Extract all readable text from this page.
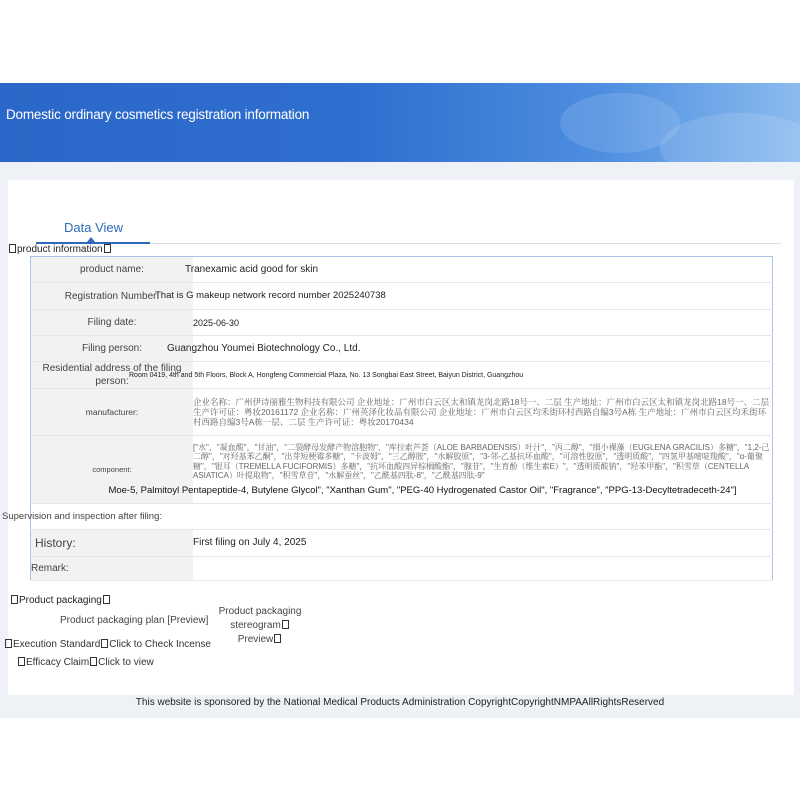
Domestic ordinary cosmetics registration information
Data View
product information
product name:	Tranexamic acid good for skin
Registration Number:	That is G makeup network record number 2025240738
Filing date:	2025-06-30
Filing person:	Guangzhou Youmei Biotechnology Co., Ltd.
Residential address of the filing person:	Room 0419, 4th and 5th Floors, Block A, Hongfeng Commercial Plaza, No. 13 Songbai East Street, Baiyun District, Guangzhou
manufacturer:	企业名称：广州伊诗丽雅生物科技有限公司 企业地址：广州市白云区太和镇龙岗北路18号一、二层 生产地址：广州市白云区太和镇龙岗北路18号一、二层 生产许可证：粤妆20161172 企业名称：广州英泽化妆品有限公司 企业地址：广州市白云区均禾街环村西路自编3号A栋 生产地址：广州市白云区均禾街环村西路自编3号A栋一层、二层 生产许可证：粤妆20170434

component:	["水"，"凝血酸"，"甘油"，"二裂酵母发酵产物溶胞物"，"库拉索芦荟（ALOE BARBADENSIS）叶汁"，"丙二醇"，"细小裸藻（EUGLENA GRACILIS）多糖"，"1,2-己二醇"，"对羟基苯乙酮"，"出芽短梗霉多糖"，"卡波姆"，"三乙醇胺"，"水解胶原"，"3-邻-乙基抗坏血酸"，"可溶性胶原"，"透明质酸"，"四氢甲基嘧啶羧酸"，"α-葡聚糖"，"银耳（TREMELLA FUCIFORMIS）多糖"，"抗坏血酸四异棕榈酸酯"，"腺苷"，"生育酚（维生素E）"，"透明质酸钠"，"羟苯甲酯"，"积雪草（CENTELLA ASIATICA）叶提取物"，"积雪草苷"，"水解蚕丝"，"乙酰基四肽-8"，"乙酰基四肽-9"
Moe-5, Palmitoyl Pentapeptide-4, Butylene Glycol", "Xanthan Gum", "PEG-40 Hydrogenated Castor Oil", "Fragrance", "PPG-13-Decyltetradeceth-24"]

Supervision and inspection after filing:	
History:	First filing on July 4, 2025
Remark:	
Product packaging
Product packaging plan [Preview]
Product packaging stereogramPreview
Execution Standard Click to Check Incense
Efficacy Claim Click to view
This website is sponsored by the National Medical Products Administration CopyrightCopyrightNMPAAllRightsReserved
